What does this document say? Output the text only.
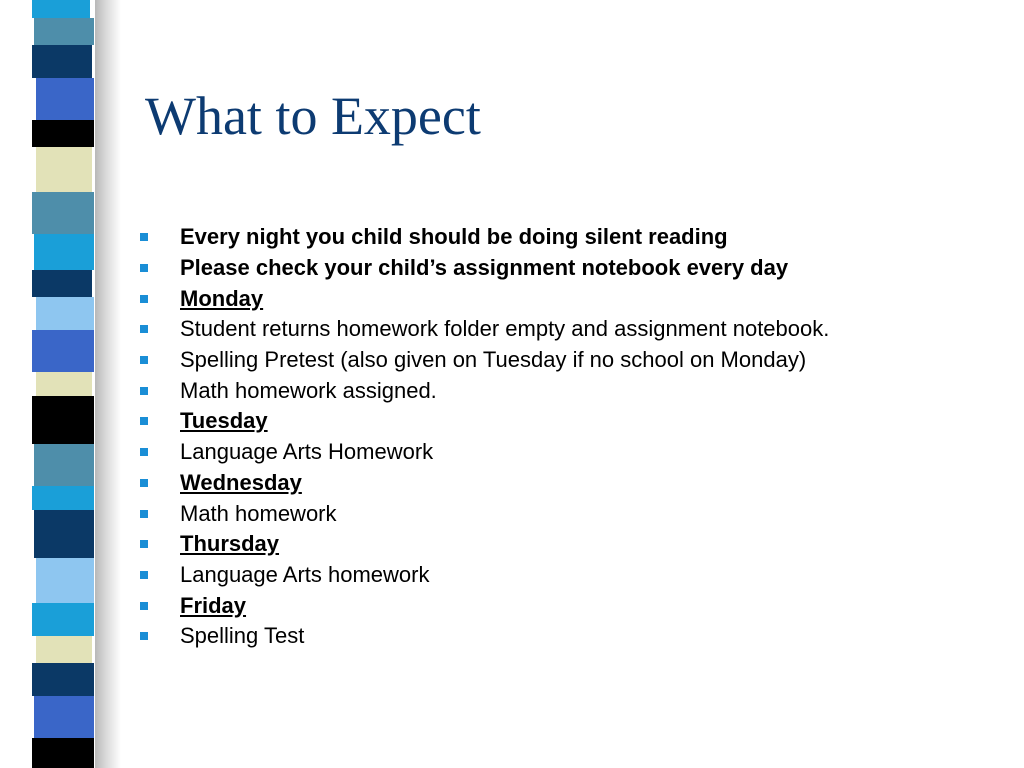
What to Expect
Every night you child should be doing silent reading
Please check your child’s assignment notebook every day
Monday
Student returns homework folder empty and assignment notebook.
Spelling Pretest (also given on Tuesday if no school on Monday)
Math homework assigned.
Tuesday
Language Arts Homework
Wednesday
Math homework
Thursday
Language Arts homework
Friday
Spelling Test
